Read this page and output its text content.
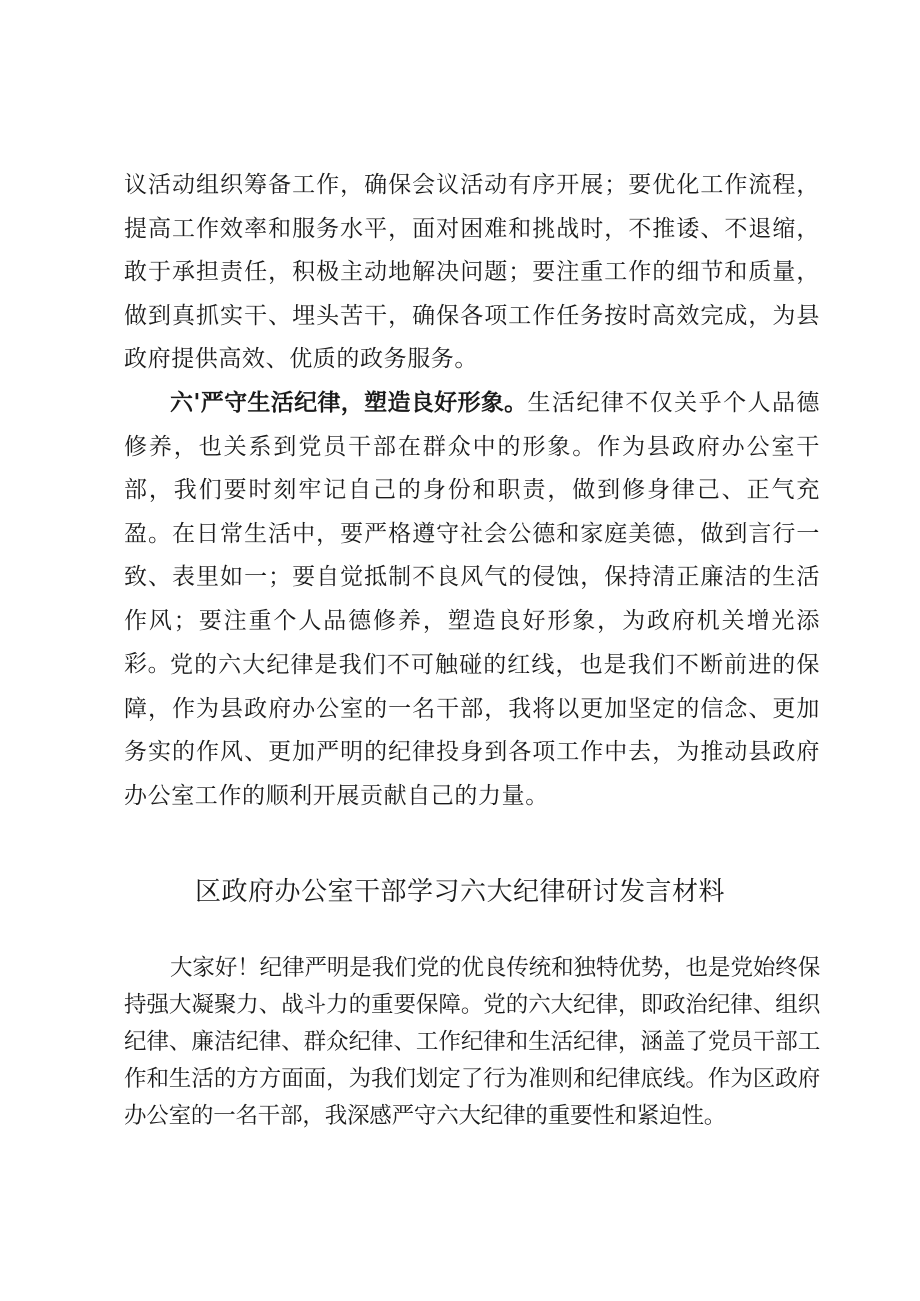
议活动组织筹备工作，确保会议活动有序开展；要优化工作流程，提高工作效率和服务水平，面对困难和挑战时，不推诿、不退缩，敢于承担责任，积极主动地解决问题；要注重工作的细节和质量，做到真抓实干、埋头苦干，确保各项工作任务按时高效完成，为县政府提供高效、优质的政务服务。

六'严守生活纪律，塑造良好形象。生活纪律不仅关乎个人品德修养，也关系到党员干部在群众中的形象。作为县政府办公室干部，我们要时刻牢记自己的身份和职责，做到修身律己、正气充盈。在日常生活中，要严格遵守社会公德和家庭美德，做到言行一致、表里如一；要自觉抵制不良风气的侵蚀，保持清正廉洁的生活作风；要注重个人品德修养，塑造良好形象，为政府机关增光添彩。

党的六大纪律是我们不可触碰的红线，也是我们不断前进的保障，作为县政府办公室的一名干部，我将以更加坚定的信念、更加务实的作风、更加严明的纪律投身到各项工作中去，为推动县政府办公室工作的顺利开展贡献自己的力量。

区政府办公室干部学习六大纪律研讨发言材料

大家好！纪律严明是我们党的优良传统和独特优势，也是党始终保持强大凝聚力、战斗力的重要保障。党的六大纪律，即政治纪律、组织纪律、廉洁纪律、群众纪律、工作纪律和生活纪律，涵盖了党员干部工作和生活的方方面面，为我们划定了行为准则和纪律底线。作为区政府办公室的一名干部，我深感严守六大纪律的重要性和紧迫性。
